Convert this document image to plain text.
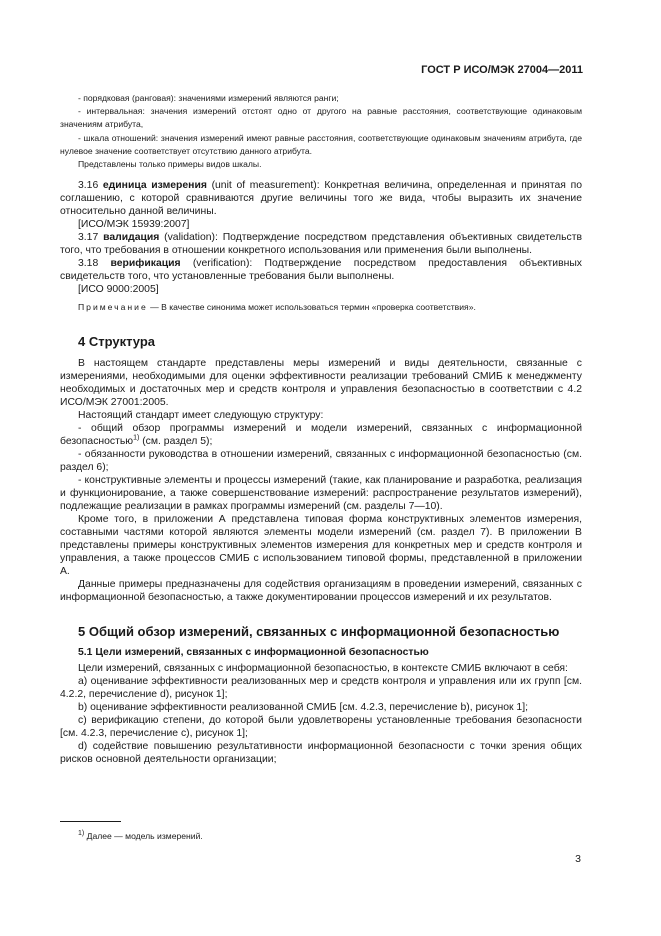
ГОСТ Р ИСО/МЭК 27004—2011

- порядковая (ранговая): значениями измерений являются ранги;

- интервальная: значения измерений отстоят одно от другого на равные расстояния, соответствующие одинаковым значениям атрибута,

- шкала отношений: значения измерений имеют равные расстояния, соответствующие одинаковым значениям атрибута, где нулевое значение соответствует отсутствию данного атрибута.

Представлены только примеры видов шкалы.

3.16 единица измерения (unit of measurement): Конкретная величина, определенная и принятая по соглашению, с которой сравниваются другие величины того же вида, чтобы выразить их значение относительно данной величины.

[ИСО/МЭК 15939:2007]

3.17 валидация (validation): Подтверждение посредством представления объективных свидетельств того, что требования в отношении конкретного использования или применения были выполнены.

3.18 верификация (verification): Подтверждение посредством предоставления объективных свидетельств того, что установленные требования были выполнены.

[ИСО 9000:2005]

Примечание — В качестве синонима может использоваться термин «проверка соответствия».
4 Структура

В настоящем стандарте представлены меры измерений и виды деятельности, связанные с измерениями, необходимыми для оценки эффективности реализации требований СМИБ к менеджменту необходимых и достаточных мер и средств контроля и управления безопасностью в соответствии с 4.2 ИСО/МЭК 27001:2005.

Настоящий стандарт имеет следующую структуру:

- общий обзор программы измерений и модели измерений, связанных с информационной безопасностью$^{1)}$ (см. раздел 5);

- обязанности руководства в отношении измерений, связанных с информационной безопасностью (см. раздел 6);

- конструктивные элементы и процессы измерений (такие, как планирование и разработка, реализация и функционирование, а также совершенствование измерений: распространение результатов измерений), подлежащие реализации в рамках программы измерений (см. разделы 7—10).

Кроме того, в приложении А представлена типовая форма конструктивных элементов измерения, составными частями которой являются элементы модели измерений (см. раздел 7). В приложении В представлены примеры конструктивных элементов измерения для конкретных мер и средств контроля и управления, а также процессов СМИБ с использованием типовой формы, представленной в приложении А.

Данные примеры предназначены для содействия организациям в проведении измерений, связанных с информационной безопасностью, а также документировании процессов измерений и их результатов.

5 Общий обзор измерений, связанных с информационной безопасностью
5.1 Цели измерений, связанных с информационной безопасностью

Цели измерений, связанных с информационной безопасностью, в контексте СМИБ включают в себя:

a) оценивание эффективности реализованных мер и средств контроля и управления или их групп [см. 4.2.2, перечисление d), рисунок 1];

b) оценивание эффективности реализованной СМИБ [см. 4.2.3, перечисление b), рисунок 1];

c) верификацию степени, до которой были удовлетворены установленные требования безопасности [см. 4.2.3, перечисление с), рисунок 1];

d) содействие повышению результативности информационной безопасности с точки зрения общих рисков основной деятельности организации;

$^{1)}$ Далее — модель измерений.
3
